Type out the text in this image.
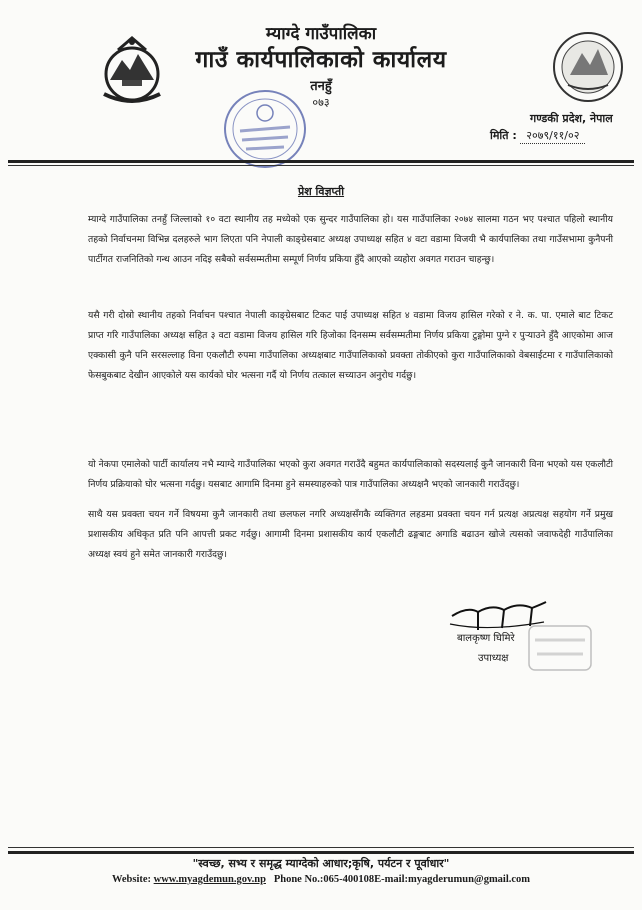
म्याग्दे गाउँपालिका
गाउँ कार्यपालिकाको कार्यालय
तनहुँ
०७३
गण्डकी प्रदेश, नेपाल
मिति : २०७९/११/०२
प्रेश विज्ञप्ती
म्याग्दे गाउँपालिका तनहुँ जिल्लाको १० वटा स्थानीय तह मध्येको एक सुन्दर गाउँपालिका हो। यस गाउँपालिका २०७४ सालमा गठन भए पश्चात पहिलो स्थानीय तहको निर्वाचनमा विभिन्न दलहरुले भाग लिएता पनि नेपाली काङ्ग्रेसबाट अध्यक्ष उपाध्यक्ष सहित ४ वटा वडामा विजयी भै कार्यपालिका तथा गाउँसभामा कुनैपनी पार्टीगत राजनितिको गन्ध आउन नदिइ सबैको सर्वसम्मतीमा सम्पूर्ण निर्णय प्रकिया हुँदै आएको व्यहोरा अवगत गराउन चाहन्छु।
यसै गरी दोस्रो स्थानीय तहको निर्वाचन पश्चात नेपाली काङ्ग्रेसबाट टिकट पाई उपाध्यक्ष सहित ४ वडामा विजय हासिल गरेको र ने. क. पा. एमाले बाट टिकट प्राप्त गरि गाउँपालिका अध्यक्ष सहित ३ वटा वडामा विजय हासिल गरि हिजोका दिनसम्म सर्वसम्मतीमा निर्णय प्रकिया टुङ्गोमा पुग्ने र पुऱ्याउने हुँदै आएकोमा आज एक्कासी कुनै पनि सरसल्लाह विना एकलौटी रुपमा गाउँपालिका अध्यक्षबाट गाउँपालिकाको प्रवक्ता तोकीएको कुरा गाउँपालिकाको वेबसाईटमा र गाउँपालिकाको फेसबुकबाट देखीन आएकोले यस कार्यको घोर भत्सना गर्दै यो निर्णय तत्काल सच्याउन अनुरोध गर्दछु।
यो नेकपा एमालेको पार्टी कार्यालय नभै म्याग्दे गाउँपालिका भएको कुरा अवगत गराउँदै बहुमत कार्यपालिकाको सदस्यलाई कुनै जानकारी विना भएको यस एकलौटी निर्णय प्रक्रियाको घोर भत्सना गर्दछु। यसबाट आगामि दिनमा हुने समस्याहरुको पात्र गाउँपालिका अध्यक्षनै भएको जानकारी गराउँदछु।
साथै यस प्रवक्ता चयन गर्ने विषयमा कुनै जानकारी तथा छलफल नगरि अध्यक्षसँगकै व्यक्तिगत लहडमा प्रवक्ता चयन गर्न प्रत्यक्ष अप्रत्यक्ष सहयोग गर्ने प्रमुख प्रशासकीय अधिकृत प्रति पनि आपत्ती प्रकट गर्दछु। आगामी दिनमा प्रशासकीय कार्य एकलौटी ढङ्गबाट अगाडि बढाउन खोजे त्यसको जवाफदेही गाउँपालिका अध्यक्ष स्वयं हुने समेत जानकारी गराउँदछु।
बालकृष्ण घिमिरे
उपाध्यक्ष
"स्वच्छ, सभ्य र समृद्ध म्याग्देको आधार;कृषि, पर्यटन र पूर्वाधार"
Website: www.myagdemun.gov.np Phone No.:065-400108E-mail:myagderumun@gmail.com
